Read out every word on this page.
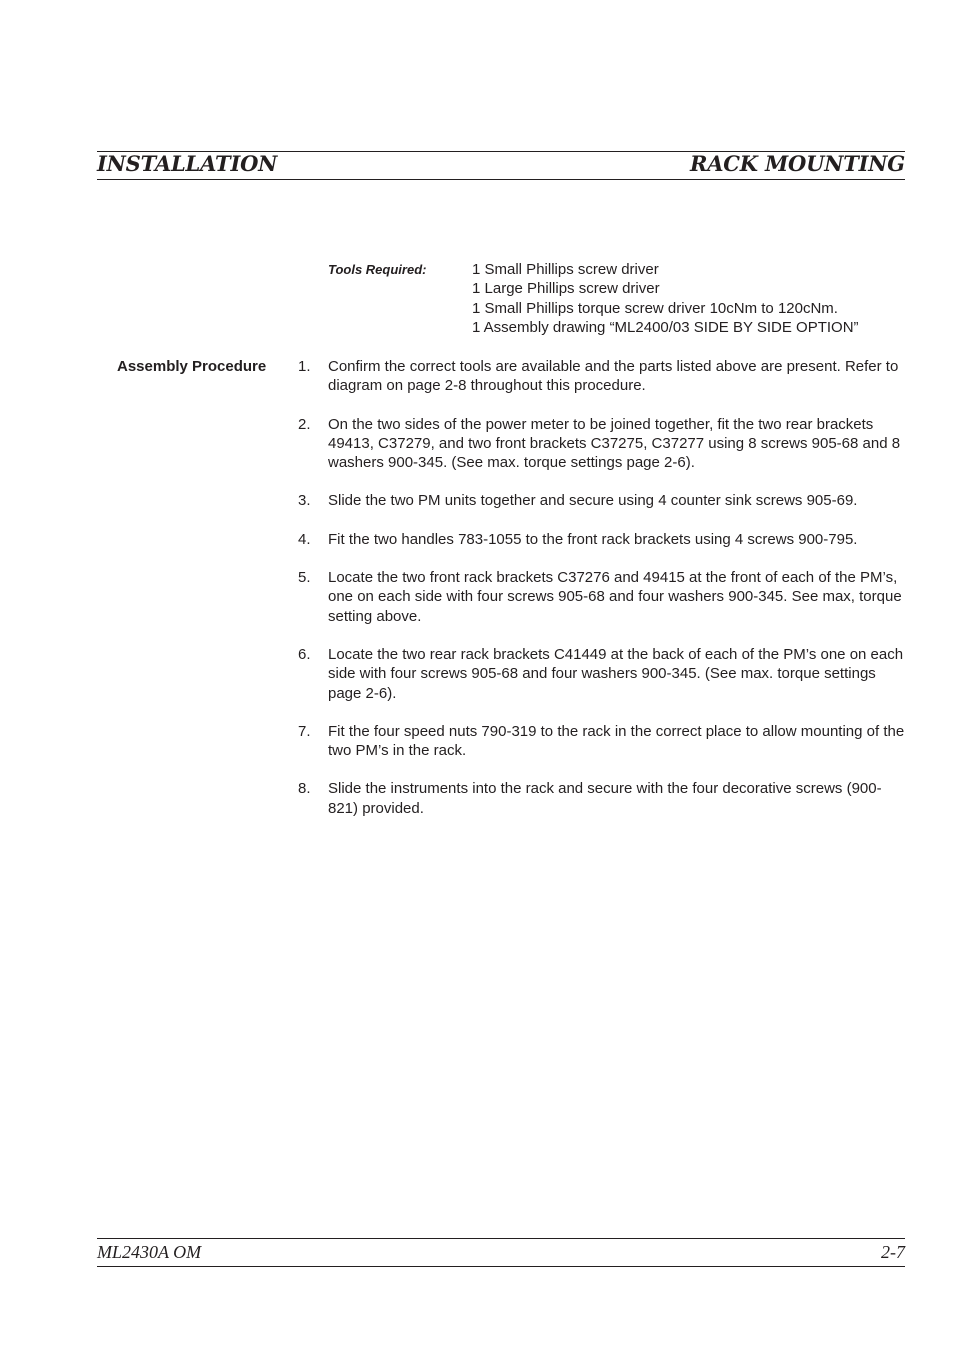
INSTALLATION	RACK MOUNTING
Tools Required:	1 Small Phillips screw driver
1 Large Phillips screw driver
1 Small Phillips torque screw driver 10cNm to 120cNm.
1 Assembly drawing “ML2400/03 SIDE BY SIDE OPTION”
Assembly Procedure 1. Confirm the correct tools are available and the parts listed above are present. Refer to diagram on page 2-8 throughout this procedure.
2. On the two sides of the power meter to be joined together, fit the two rear brackets 49413, C37279, and two front brackets C37275, C37277 using 8 screws 905-68 and 8 washers 900-345. (See max. torque settings page 2-6).
3. Slide the two PM units together and secure using 4 counter sink screws 905-69.
4. Fit the two handles 783-1055 to the front rack brackets using 4 screws 900-795.
5. Locate the two front rack brackets C37276 and 49415 at the front of each of the PM’s, one on each side with four screws 905-68 and four washers 900-345. See max, torque setting above.
6. Locate the two rear rack brackets C41449 at the back of each of the PM’s one on each side with four screws 905-68 and four washers 900-345. (See max. torque settings page 2-6).
7. Fit the four speed nuts 790-319 to the rack in the correct place to allow mounting of the two PM’s in the rack.
8. Slide the instruments into the rack and secure with the four decorative screws (900-821) provided.
ML2430A OM	2-7
